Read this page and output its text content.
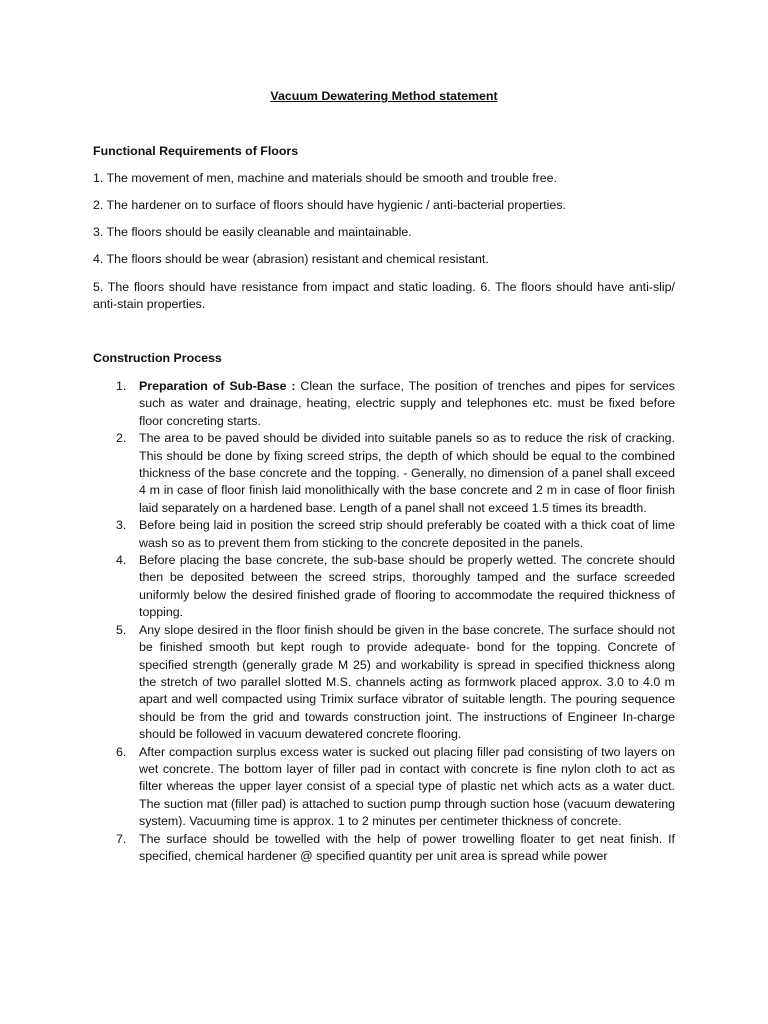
Vacuum Dewatering Method statement
Functional Requirements of Floors
1. The movement of men, machine and materials should be smooth and trouble free.
2. The hardener on to surface of floors should have hygienic / anti-bacterial properties.
3. The floors should be easily cleanable and maintainable.
4. The floors should be wear (abrasion) resistant and chemical resistant.
5. The floors should have resistance from impact and static loading. 6. The floors should have anti-slip/ anti-stain properties.
Construction Process
1. Preparation of Sub-Base : Clean the surface, The position of trenches and pipes for services such as water and drainage, heating, electric supply and telephones etc. must be fixed before floor concreting starts.
2. The area to be paved should be divided into suitable panels so as to reduce the risk of cracking. This should be done by fixing screed strips, the depth of which should be equal to the combined thickness of the base concrete and the topping. - Generally, no dimension of a panel shall exceed 4 m in case of floor finish laid monolithically with the base concrete and 2 m in case of floor finish laid separately on a hardened base. Length of a panel shall not exceed 1.5 times its breadth.
3. Before being laid in position the screed strip should preferably be coated with a thick coat of lime wash so as to prevent them from sticking to the concrete deposited in the panels.
4. Before placing the base concrete, the sub-base should be properly wetted. The concrete should then be deposited between the screed strips, thoroughly tamped and the surface screeded uniformly below the desired finished grade of flooring to accommodate the required thickness of topping.
5. Any slope desired in the floor finish should be given in the base concrete. The surface should not be finished smooth but kept rough to provide adequate- bond for the topping. Concrete of specified strength (generally grade M 25) and workability is spread in specified thickness along the stretch of two parallel slotted M.S. channels acting as formwork placed approx. 3.0 to 4.0 m apart and well compacted using Trimix surface vibrator of suitable length. The pouring sequence should be from the grid and towards construction joint. The instructions of Engineer In-charge should be followed in vacuum dewatered concrete flooring.
6. After compaction surplus excess water is sucked out placing filler pad consisting of two layers on wet concrete. The bottom layer of filler pad in contact with concrete is fine nylon cloth to act as filter whereas the upper layer consist of a special type of plastic net which acts as a water duct. The suction mat (filler pad) is attached to suction pump through suction hose (vacuum dewatering system). Vacuuming time is approx. 1 to 2 minutes per centimeter thickness of concrete.
7. The surface should be towelled with the help of power trowelling floater to get neat finish. If specified, chemical hardener @ specified quantity per unit area is spread while power
